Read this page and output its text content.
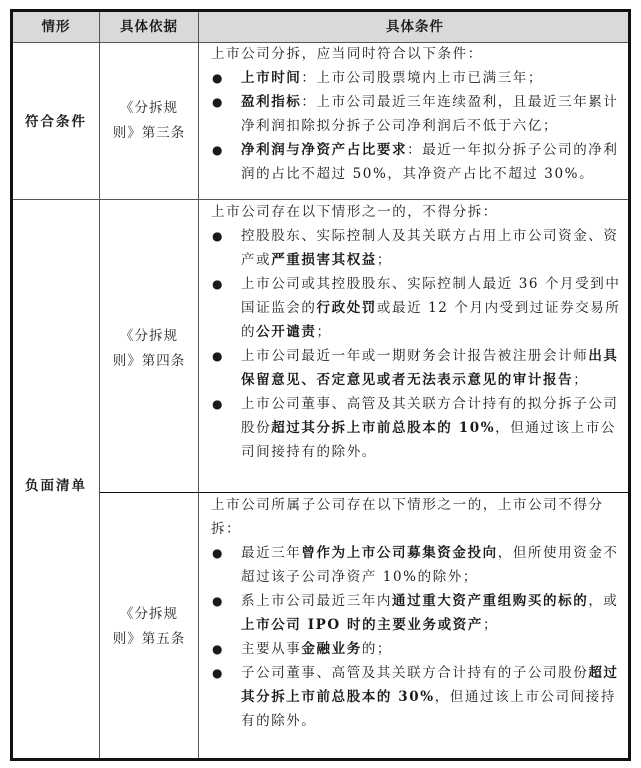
情形	具体依据	具体条件
符合条件
《分拆规
则》第三条
上市公司分拆，应当同时符合以下条件：
● 上市时间：上市公司股票境内上市已满三年；
● 盈利指标：上市公司最近三年连续盈利，且最近三年累计净利润扣除拟分拆子公司净利润后不低于六亿；
● 净利润与净资产占比要求：最近一年拟分拆子公司的净利润的占比不超过 50%，其净资产占比不超过 30%。
负面清单
《分拆规
则》第四条
上市公司存在以下情形之一的，不得分拆：
● 控股股东、实际控制人及其关联方占用上市公司资金、资产或严重损害其权益；
● 上市公司或其控股股东、实际控制人最近 36 个月受到中国证监会的行政处罚或最近 12 个月内受到过证券交易所的公开谴责；
● 上市公司最近一年或一期财务会计报告被注册会计师出具保留意见、否定意见或者无法表示意见的审计报告；
● 上市公司董事、高管及其关联方合计持有的拟分拆子公司股份超过其分拆上市前总股本的 10%，但通过该上市公司间接持有的除外。
《分拆规
则》第五条
上市公司所属子公司存在以下情形之一的，上市公司不得分拆：
● 最近三年曾作为上市公司募集资金投向，但所使用资金不超过该子公司净资产 10%的除外；
● 系上市公司最近三年内通过重大资产重组购买的标的，或上市公司 IPO 时的主要业务或资产；
● 主要从事金融业务的；
● 子公司董事、高管及其关联方合计持有的子公司股份超过其分拆上市前总股本的 30%，但通过该上市公司间接持有的除外。
